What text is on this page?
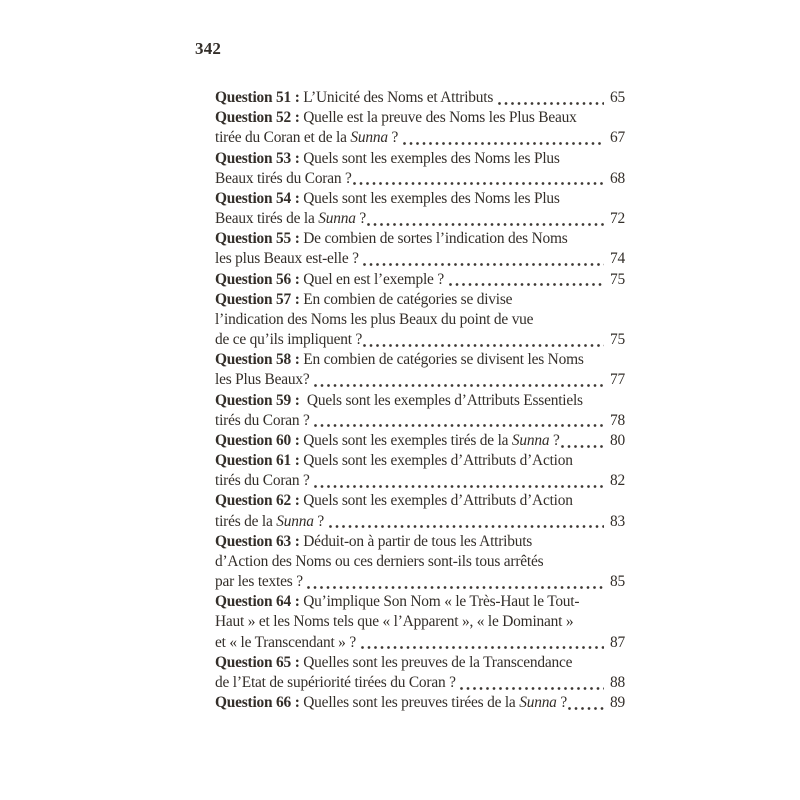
342
Question 51 : L’Unicité des Noms et Attributs	65
Question 52 : Quelle est la preuve des Noms les Plus Beaux
tirée du Coran et de la Sunna ?	67
Question 53 : Quels sont les exemples des Noms les Plus
Beaux tirés du Coran ?	68
Question 54 : Quels sont les exemples des Noms les Plus
Beaux tirés de la Sunna ?	72
Question 55 : De combien de sortes l’indication des Noms
les plus Beaux est-elle ?	74
Question 56 : Quel en est l’exemple ?	75
Question 57 : En combien de catégories se divise
l’indication des Noms les plus Beaux du point de vue
de ce qu’ils impliquent ?	75
Question 58 : En combien de catégories se divisent les Noms
les Plus Beaux?	77
Question 59 :  Quels sont les exemples d’Attributs Essentiels
tirés du Coran ?	78
Question 60 : Quels sont les exemples tirés de la Sunna ?	80
Question 61 : Quels sont les exemples d’Attributs d’Action
tirés du Coran ?	82
Question 62 : Quels sont les exemples d’Attributs d’Action
tirés de la Sunna ?	83
Question 63 : Déduit-on à partir de tous les Attributs
d’Action des Noms ou ces derniers sont-ils tous arrêtés
par les textes ?	85
Question 64 : Qu’implique Son Nom « le Très-Haut le Tout-
Haut » et les Noms tels que « l’Apparent », « le Dominant »
et « le Transcendant » ?	87
Question 65 : Quelles sont les preuves de la Transcendance
de l’Etat de supériorité tirées du Coran ?	88
Question 66 : Quelles sont les preuves tirées de la Sunna ?	89
